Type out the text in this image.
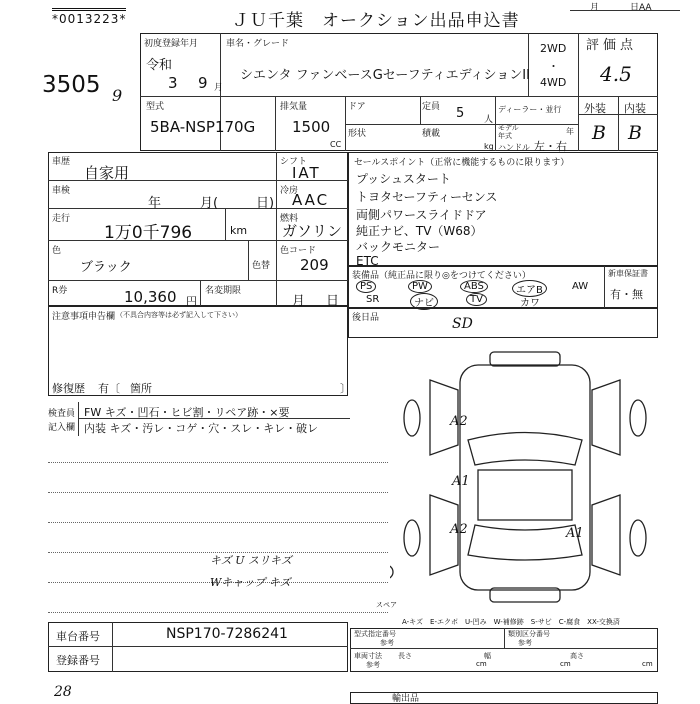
*0013223*	ＪＵ千葉　オークション出品申込書
月	日AA
3505 9
初度登録年月
令和
3 9 月
車名・グレード
シエンタ ファンベースGセーフティエディションII
2WD
・
4WD
評価点
4.5
外装 内装
B B
型式
5BA-NSP170G
排気量
1500
CC
ドア
形状
定員 5 人
積載
kg
ディーラー・並行
モデル年式	年
ハンドル 左・右
車歴
自家用
シフト
IAT
車検
年	月(	日)
冷房
AAC
走行
1万0千796	km
燃料
ガソリン
色
ブラック	色替
色コード
209
R券	10,360 円
名変期限
月 日
セールスポイント（正常に機能するものに限ります）
プッシュスタート
トヨタセーフティーセンス
両側パワースライドドア
純正ナビ、TV（W68）
バックモニター
ETC
装備品（純正品に限り◎をつけてください）
PS	PW	ABS	エアB	AW
SR	ナビ	TV	カワ
新車保証書
有・無
注意事項申告欄 （不具合内容等は必ず記入して下さい）
修復歴 有〔 箇所	〕
後日品	SD
検査員
記入欄
FW キズ・凹石・ヒビ割・リペア跡・×要
内装 キズ・汚レ・コゲ・穴・スレ・キレ・破レ
キズ U スリキズ
Wキャップ キズ
A2
A1
A2	A1
スペア
A-キズ　E-エクボ　U-凹み　W-補修跡　S-サビ　C-腐食　XX-交換済
車台番号	NSP170-7286241
登録番号
型式指定番号
参考
類別区分番号
参考
車両寸法
参考
長さ
cm
幅
cm
高さ
cm
28	輸出品
